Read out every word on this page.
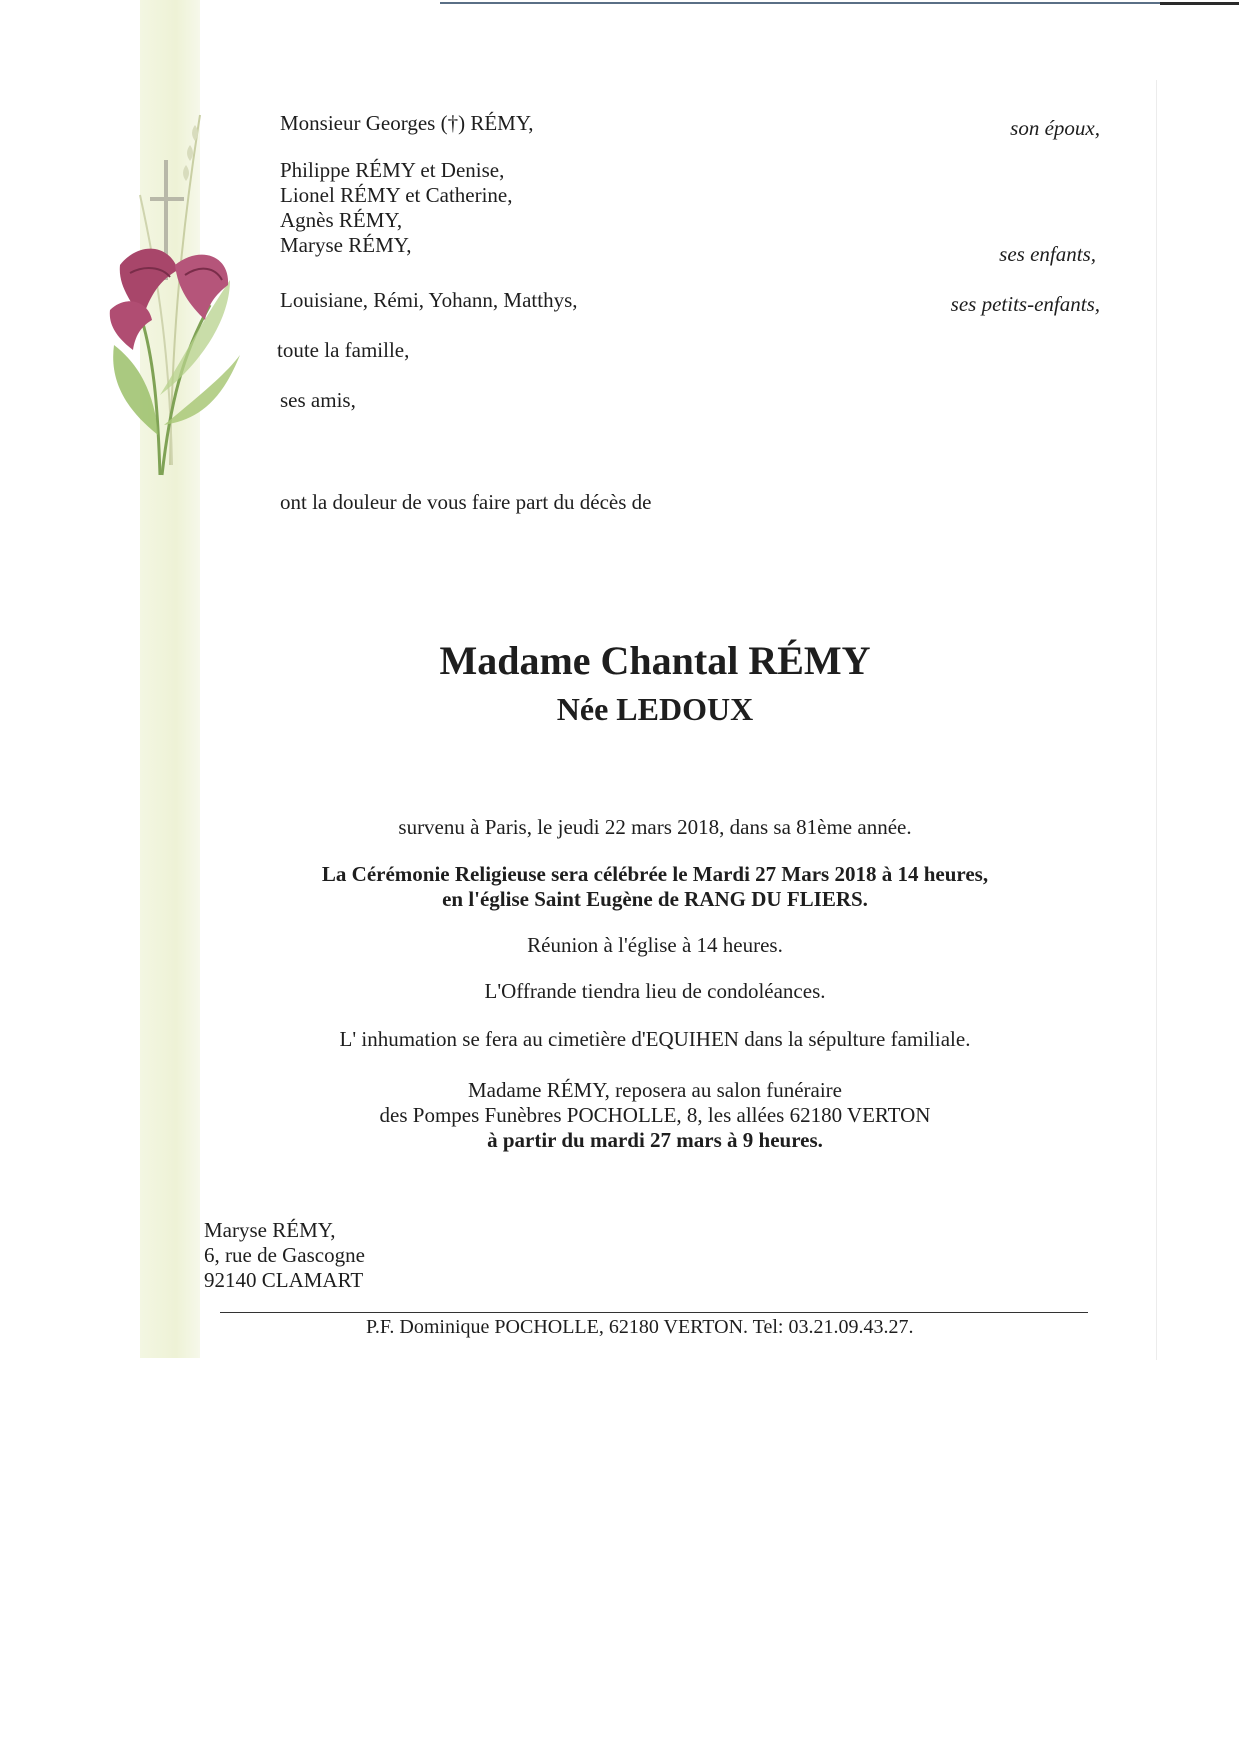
Monsieur Georges (†) RÉMY,	son époux,
Philippe RÉMY et Denise,
Lionel RÉMY et Catherine,
Agnès RÉMY,
Maryse RÉMY,	ses enfants,
Louisiane, Rémi, Yohann, Matthys,	ses petits-enfants,
toute la famille,
ses amis,
ont la douleur de vous faire part du décès de
Madame Chantal RÉMY
Née LEDOUX
survenu à Paris, le jeudi 22 mars 2018, dans sa 81ème année.
La Cérémonie Religieuse sera célébrée le Mardi 27 Mars 2018 à 14 heures,
en l'église Saint Eugène de RANG DU FLIERS.
Réunion à l'église à 14 heures.
L'Offrande tiendra lieu de condoléances.
L' inhumation se fera au cimetière d'EQUIHEN dans la sépulture familiale.
Madame RÉMY, reposera au salon funéraire
des Pompes Funèbres POCHOLLE, 8, les allées 62180 VERTON
à partir du mardi 27 mars à 9 heures.
Maryse RÉMY,
6, rue de Gascogne
92140 CLAMART
P.F. Dominique POCHOLLE, 62180 VERTON. Tel: 03.21.09.43.27.
